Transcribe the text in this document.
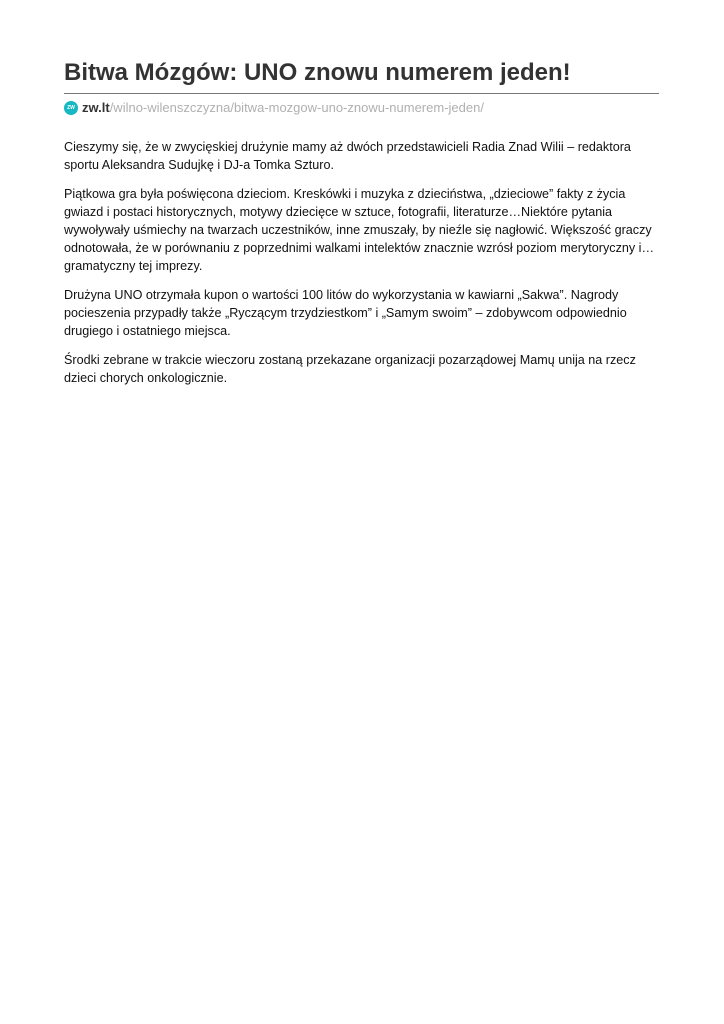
Bitwa Mózgów: UNO znowu numerem jeden!
ZW zw.lt /wilno-wilenszczyzna/bitwa-mozgow-uno-znowu-numerem-jeden/

Cieszymy się, że w zwycięskiej drużynie mamy aż dwóch przedstawicieli Radia Znad Wilii – redaktora sportu Aleksandra Sudujkę i DJ-a Tomka Szturo.

Piątkowa gra była poświęcona dzieciom. Kreskówki i muzyka z dzieciństwa, „dzieciowe” fakty z życia gwiazd i postaci historycznych, motywy dziecięce w sztuce, fotografii, literaturze…Niektóre pytania wywoływały uśmiechy na twarzach uczestników, inne zmuszały, by nieźle się nagłowić. Większość graczy odnotowała, że w porównaniu z poprzednimi walkami intelektów znacznie wzrósł poziom merytoryczny i…gramatyczny tej imprezy.

Drużyna UNO otrzymała kupon o wartości 100 litów do wykorzystania w kawiarni „Sakwa”. Nagrody pocieszenia przypadły także „Ryczącym trzydziestkom” i „Samym swoim” – zdobywcom odpowiednio drugiego i ostatniego miejsca.

Środki zebrane w trakcie wieczoru zostaną przekazane organizacji pozarządowej Mamų unija na rzecz dzieci chorych onkologicznie.
